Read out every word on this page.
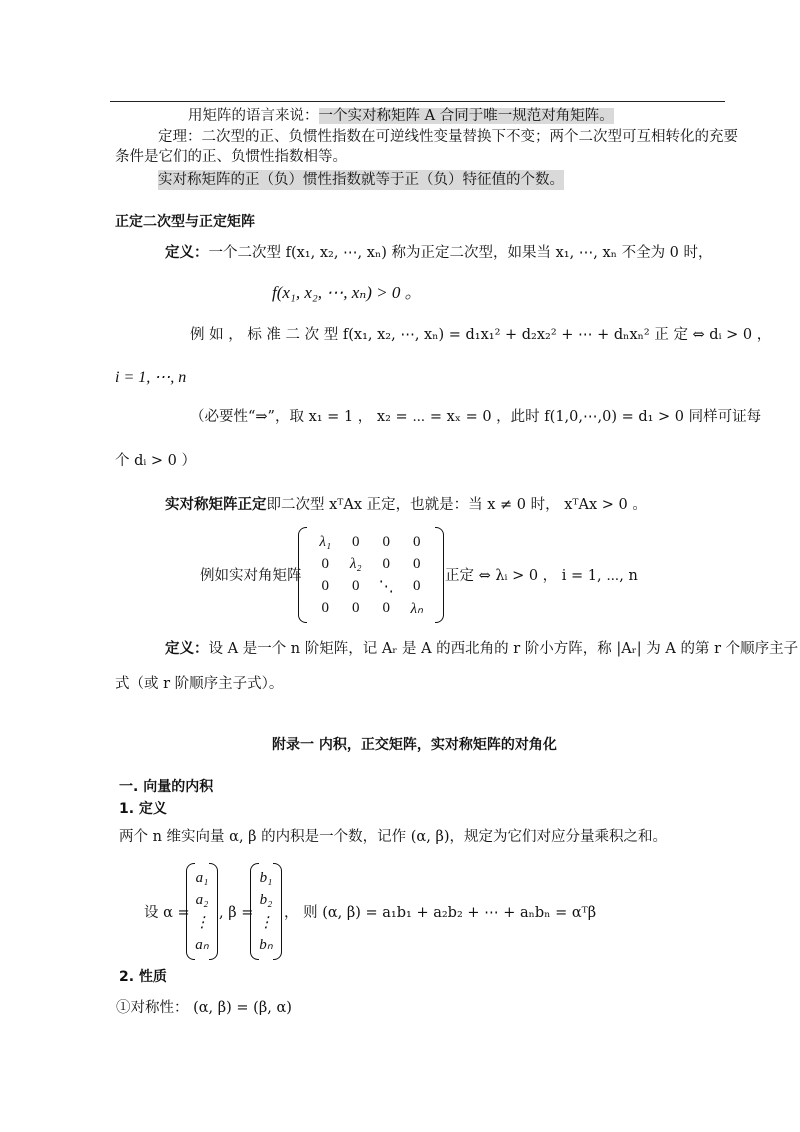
用矩阵的语言来说：一个实对称矩阵 A 合同于唯一规范对角矩阵。
定理：二次型的正、负惯性指数在可逆线性变量替换下不变；两个二次型可互相转化的充要
条件是它们的正、负惯性指数相等。
实对称矩阵的正（负）惯性指数就等于正（负）特征值的个数。
正定二次型与正定矩阵
定义：一个二次型 f(x₁, x₂, ⋯, xₙ) 称为正定二次型，如果当 x₁, ⋯, xₙ 不全为 0 时，
f(x₁, x₂, ⋯, xₙ) > 0 。
例 如 ， 标 准 二 次 型 f(x₁, x₂, ⋯, xₙ) = d₁x₁² + d₂x₂² + ⋯ + dₙxₙ² 正 定 ⇔ dᵢ > 0 ，
i = 1, ⋯, n
（必要性“⇒”，取 x₁ = 1 ， x₂ = ⋯ = xₓ = 0 ，此时 f(1,0,⋯,0) = d₁ > 0 同样可证每
个 dᵢ > 0 ）
实对称矩阵正定即二次型 xᵀAx 正定，也就是：当 x ≠ 0 时， xᵀAx > 0 。
例如实对角矩阵
λ₁	0	0	0
0	λ₂	0	0
0	0	⋱	0
0	0	0	λₙ
正定 ⇔ λᵢ > 0 ， i = 1, ⋯, n
定义：设 A 是一个 n 阶矩阵，记 Aᵣ 是 A 的西北角的 r 阶小方阵，称 |Aᵣ| 为 A 的第 r 个顺序主子
式（或 r 阶顺序主子式）。
附录一 内积，正交矩阵，实对称矩阵的对角化
一. 向量的内积
1. 定义
两个 n 维实向量 α, β 的内积是一个数，记作 (α, β)，规定为它们对应分量乘积之和。
设 α =
a₁
a₂
⋮
aₙ
, β =
b₁
b₂
⋮
bₙ
， 则 (α, β) = a₁b₁ + a₂b₂ + ⋯ + aₙbₙ = αᵀβ
2. 性质
①对称性： (α, β) = (β, α)
